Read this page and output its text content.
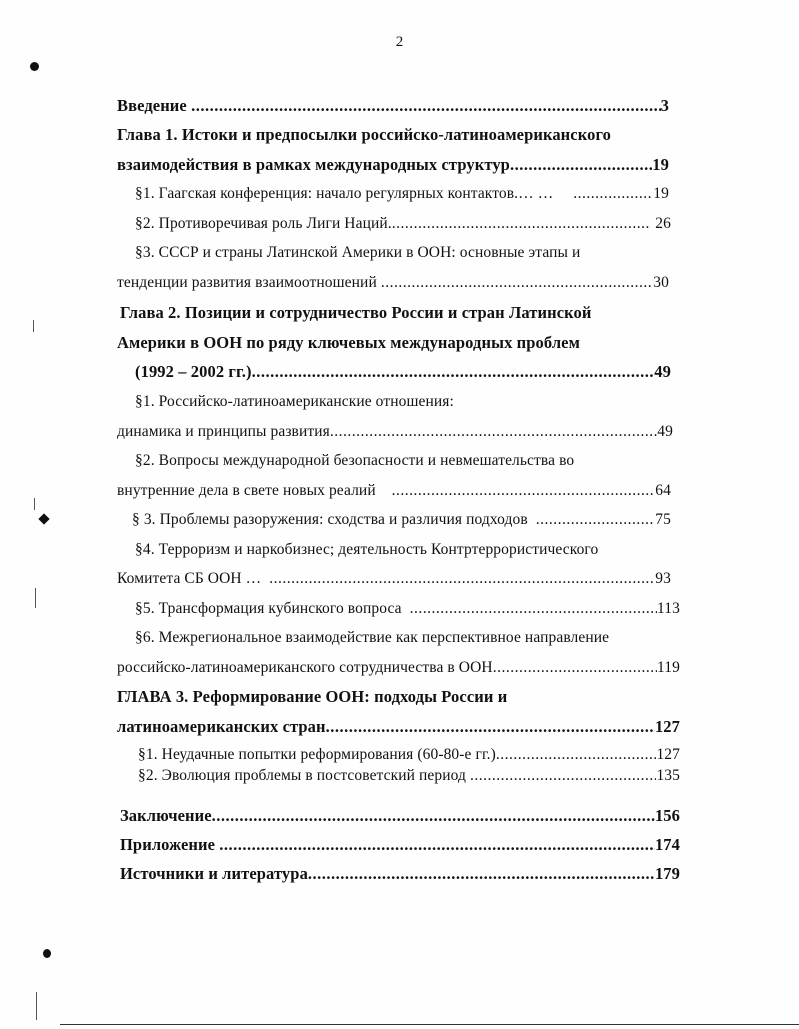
2
Введение .....	3
Глава 1. Истоки и предпосылки российско-латиноамериканского
взаимодействия в рамках международных структур .....	19
§1. Гаагская конференция: начало регулярных контактов.… … .....	19
§2. Противоречивая роль Лиги Наций. .....	26
§3. СССР и страны Латинской Америки в ООН: основные этапы и
тенденции развития взаимоотношений .....	30
Глава 2. Позиции и сотрудничество России и стран Латинской
Америки в ООН по ряду ключевых международных проблем
(1992 – 2002 гг.) .....	49
§1. Российско-латиноамериканские отношения:
динамика и принципы развития .....	49
§2. Вопросы международной безопасности и невмешательства во
внутренние дела в свете новых реалий .....	64
§ 3. Проблемы разоружения: сходства и различия подходов .....	75
§4. Терроризм и наркобизнес; деятельность Контртеррористического
Комитета СБ ООН … .....	93
§5. Трансформация кубинского вопроса .....	113
§6. Межрегиональное взаимодействие как перспективное направление
российско-латиноамериканского сотрудничества в ООН .....	119
ГЛАВА 3. Реформирование ООН: подходы России и
латиноамериканских стран .....	127
§1. Неудачные попытки реформирования (60-80-е гг.) .....	127
§2. Эволюция проблемы в постсоветский период .....	135
Заключение .....	156
Приложение .....	174
Источники и литература .....	179
